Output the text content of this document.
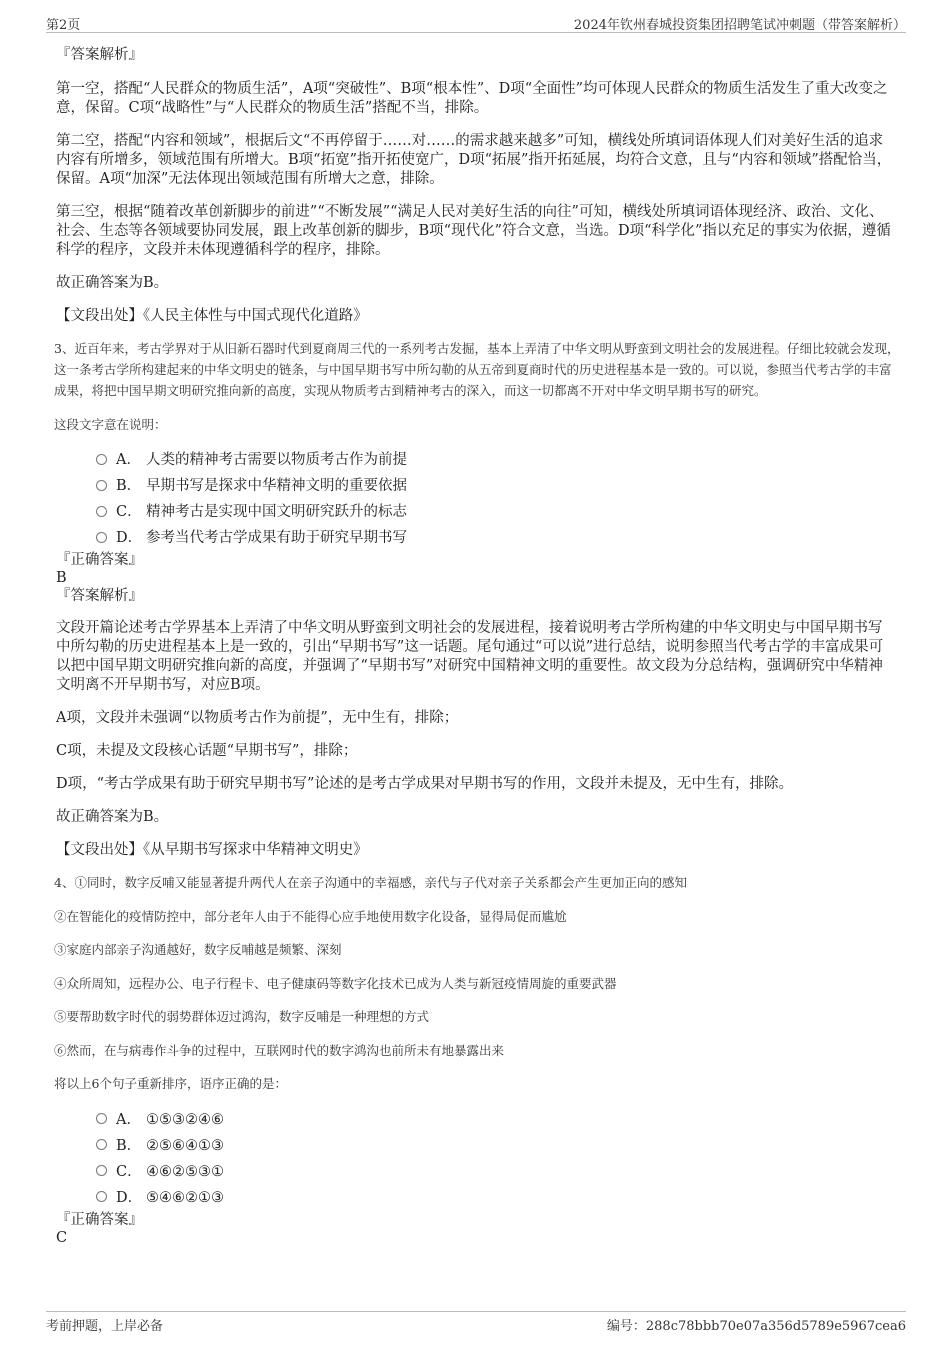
第2页	2024年钦州春城投资集团招聘笔试冲刺题（带答案解析）
『答案解析』

第一空，搭配“人民群众的物质生活”，A项“突破性”、B项“根本性”、D项“全面性”均可体现人民群众的物质生活发生了重大改变之意，保留。C项“战略性”与“人民群众的物质生活”搭配不当，排除。

第二空，搭配“内容和领域”，根据后文“不再停留于……对……的需求越来越多”可知，横线处所填词语体现人们对美好生活的追求内容有所增多，领域范围有所增大。B项“拓宽”指开拓使宽广，D项“拓展”指开拓延展，均符合文意，且与“内容和领域”搭配恰当，保留。A项“加深”无法体现出领域范围有所增大之意，排除。

第三空，根据“随着改革创新脚步的前进”“不断发展”“满足人民对美好生活的向往”可知，横线处所填词语体现经济、政治、文化、社会、生态等各领域要协同发展，跟上改革创新的脚步，B项“现代化”符合文意，当选。D项“科学化”指以充足的事实为依据，遵循科学的程序，文段并未体现遵循科学的程序，排除。

故正确答案为B。

【文段出处】《人民主体性与中国式现代化道路》

3、近百年来，考古学界对于从旧新石器时代到夏商周三代的一系列考古发掘，基本上弄清了中华文明从野蛮到文明社会的发展进程。仔细比较就会发现，这一条考古学所构建起来的中华文明史的链条，与中国早期书写中所勾勒的从五帝到夏商时代的历史进程基本是一致的。可以说，参照当代考古学的丰富成果，将把中国早期文明研究推向新的高度，实现从物质考古到精神考古的深入，而这一切都离不开对中华文明早期书写的研究。

这段文字意在说明：

A． 人类的精神考古需要以物质考古作为前提
B． 早期书写是探求中华精神文明的重要依据
C． 精神考古是实现中国文明研究跃升的标志
D． 参考当代考古学成果有助于研究早期书写
『正确答案』
B
『答案解析』

文段开篇论述考古学界基本上弄清了中华文明从野蛮到文明社会的发展进程，接着说明考古学所构建的中华文明史与中国早期书写中所勾勒的历史进程基本上是一致的，引出“早期书写”这一话题。尾句通过“可以说”进行总结，说明参照当代考古学的丰富成果可以把中国早期文明研究推向新的高度，并强调了“早期书写”对研究中国精神文明的重要性。故文段为分总结构，强调研究中华精神文明离不开早期书写，对应B项。

A项，文段并未强调“以物质考古作为前提”，无中生有，排除；

C项，未提及文段核心话题“早期书写”，排除；

D项，“考古学成果有助于研究早期书写”论述的是考古学成果对早期书写的作用，文段并未提及，无中生有，排除。

故正确答案为B。

【文段出处】《从早期书写探求中华精神文明史》

4、①同时，数字反哺又能显著提升两代人在亲子沟通中的幸福感，亲代与子代对亲子关系都会产生更加正向的感知

②在智能化的疫情防控中，部分老年人由于不能得心应手地使用数字化设备，显得局促而尴尬

③家庭内部亲子沟通越好，数字反哺越是频繁、深刻

④众所周知，远程办公、电子行程卡、电子健康码等数字化技术已成为人类与新冠疫情周旋的重要武器

⑤要帮助数字时代的弱势群体迈过鸿沟，数字反哺是一种理想的方式

⑥然而，在与病毒作斗争的过程中，互联网时代的数字鸿沟也前所未有地暴露出来

将以上6个句子重新排序，语序正确的是：

A． ①⑤③②④⑥
B． ②⑤⑥④①③
C． ④⑥②⑤③①
D． ⑤④⑥②①③
『正确答案』
C
考前押题，上岸必备	编号：288c78bbb70e07a356d5789e5967cea6
